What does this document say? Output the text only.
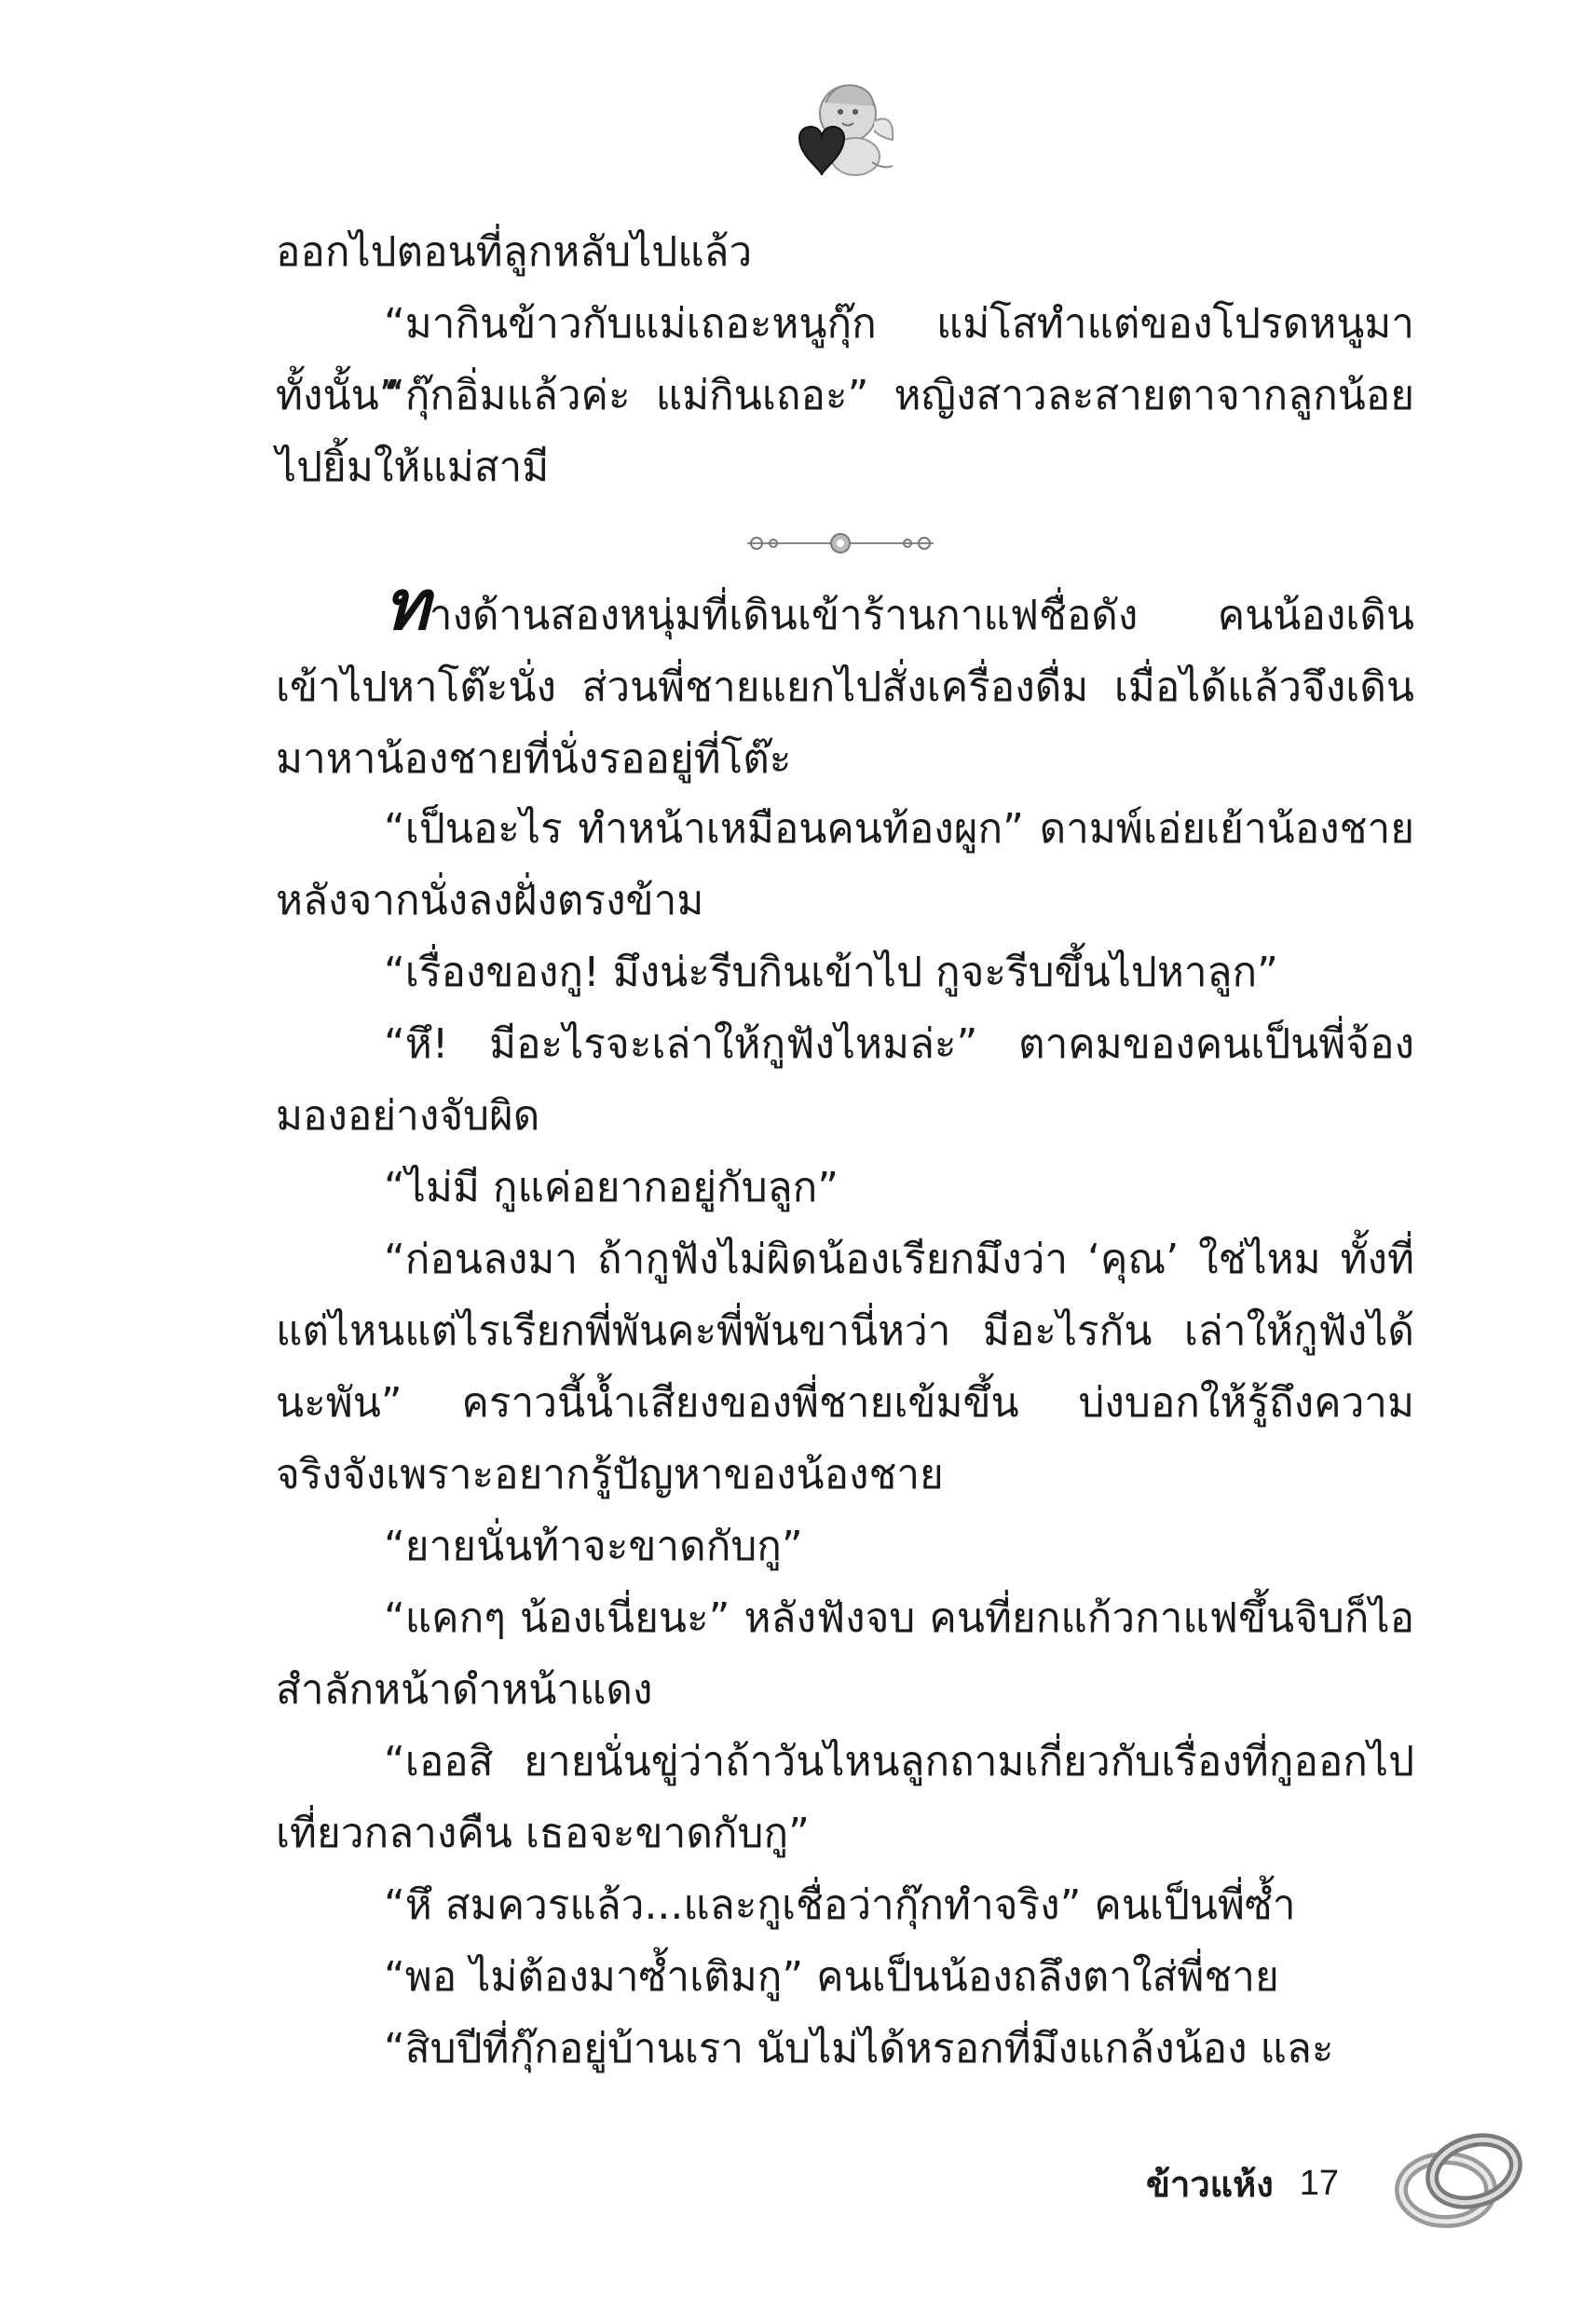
ออกไปตอนที่ลูกหลับไปแล้ว

“มากินข้าวกับแม่เถอะหนูกุ๊ก แม่โสทำแต่ของโปรดหนูมาทั้งนั้น”

“กุ๊กอิ่มแล้วค่ะ แม่กินเถอะ” หญิงสาวละสายตาจากลูกน้อยไปยิ้มให้แม่สามี

ทางด้านสองหนุ่มที่เดินเข้าร้านกาแฟชื่อดัง คนน้องเดินเข้าไปหาโต๊ะนั่ง ส่วนพี่ชายแยกไปสั่งเครื่องดื่ม เมื่อได้แล้วจึงเดินมาหาน้องชายที่นั่งรออยู่ที่โต๊ะ

“เป็นอะไร ทำหน้าเหมือนคนท้องผูก” ดามพ์เอ่ยเย้าน้องชายหลังจากนั่งลงฝั่งตรงข้าม

“เรื่องของกู! มึงน่ะรีบกินเข้าไป กูจะรีบขึ้นไปหาลูก”

“หึ! มีอะไรจะเล่าให้กูฟังไหมล่ะ” ตาคมของคนเป็นพี่จ้องมองอย่างจับผิด

“ไม่มี กูแค่อยากอยู่กับลูก”

“ก่อนลงมา ถ้ากูฟังไม่ผิดน้องเรียกมึงว่า ‘คุณ’ ใช่ไหม ทั้งที่แต่ไหนแต่ไรเรียกพี่พันคะพี่พันขานี่หว่า มีอะไรกัน เล่าให้กูฟังได้นะพัน” คราวนี้น้ำเสียงของพี่ชายเข้มขึ้น บ่งบอกให้รู้ถึงความจริงจังเพราะอยากรู้ปัญหาของน้องชาย

“ยายนั่นท้าจะขาดกับกู”

“แคกๆ น้องเนี่ยนะ” หลังฟังจบ คนที่ยกแก้วกาแฟขึ้นจิบก็ไอสำลักหน้าดำหน้าแดง

“เออสิ ยายนั่นขู่ว่าถ้าวันไหนลูกถามเกี่ยวกับเรื่องที่กูออกไปเที่ยวกลางคืน เธอจะขาดกับกู”

“หึ สมควรแล้ว...และกูเชื่อว่ากุ๊กทำจริง” คนเป็นพี่ซ้ำ

“พอ ไม่ต้องมาซ้ำเติมกู” คนเป็นน้องถลึงตาใส่พี่ชาย

“สิบปีที่กุ๊กอยู่บ้านเรา นับไม่ได้หรอกที่มึงแกล้งน้อง และ

ข้าวแห้ง 17
